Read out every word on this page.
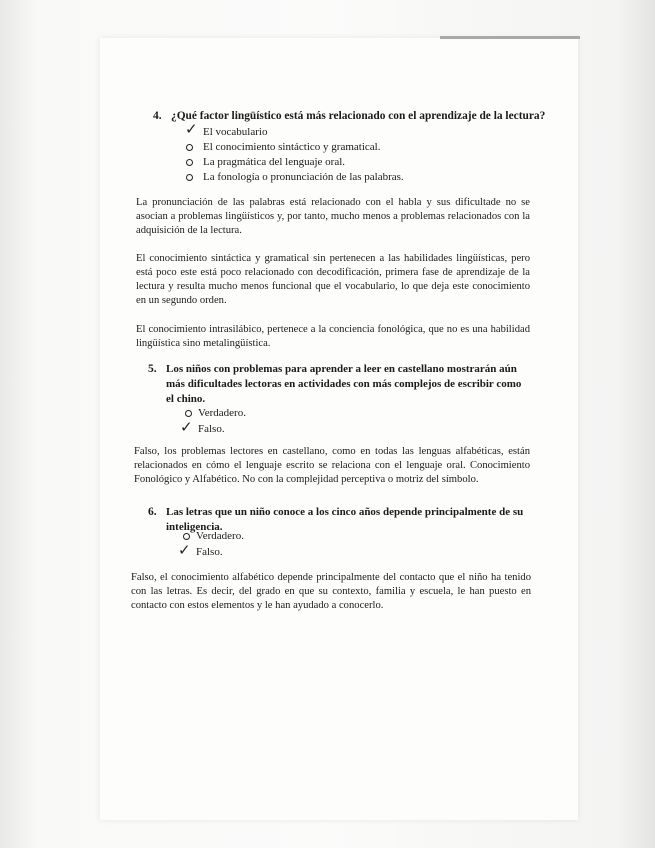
4. ¿Qué factor lingüístico está más relacionado con el aprendizaje de la lectura?
✓ El vocabulario
El conocimiento sintáctico y gramatical.
La pragmática del lenguaje oral.
La fonología o pronunciación de las palabras.

La pronunciación de las palabras está relacionado con el habla y sus dificultade no se asocian a problemas lingüísticos y, por tanto, mucho menos a problemas relacionados con la adquisición de la lectura.

El conocimiento sintáctica y gramatical sin pertenecen a las habilidades lingüísticas, pero está poco este está poco relacionado con decodificación, primera fase de aprendizaje de la lectura y resulta mucho menos funcional que el vocabulario, lo que deja este conocimiento en un segundo orden.

El conocimiento intrasilábico, pertenece a la conciencia fonológica, que no es una habilidad lingüística sino metalingüística.

5. Los niños con problemas para aprender a leer en castellano mostrarán aún más dificultades lectoras en actividades con más complejos de escribir como el chino.
Verdadero.
✓ Falso.

Falso, los problemas lectores en castellano, como en todas las lenguas alfabéticas, están relacionados en cómo el lenguaje escrito se relaciona con el lenguaje oral. Conocimiento Fonológico y Alfabético. No con la complejidad perceptiva o motriz del símbolo.

6. Las letras que un niño conoce a los cinco años depende principalmente de su inteligencia.
Verdadero.
✓ Falso.

Falso, el conocimiento alfabético depende principalmente del contacto que el niño ha tenido con las letras. Es decir, del grado en que su contexto, familia y escuela, le han puesto en contacto con estos elementos y le han ayudado a conocerlo.
